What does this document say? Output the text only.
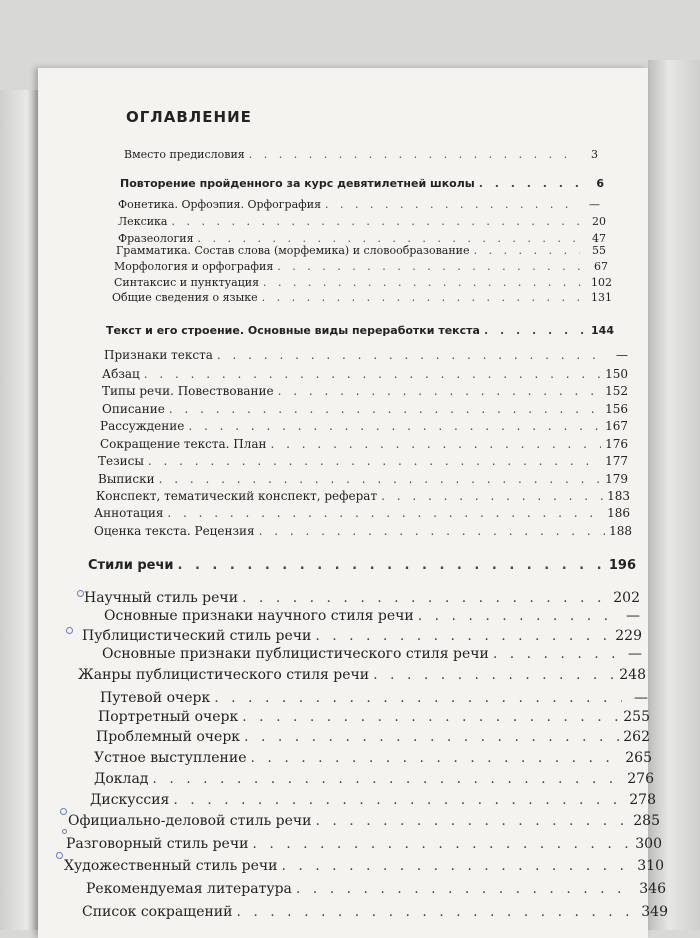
ОГЛАВЛЕНИЕ
Вместо предисловия . . .	3
Повторение пройденного за курс девятилетней школы . . .	6
Фонетика. Орфоэпия. Орфография . . .	—
Лексика . . .	20
Фразеология . . .	47
Грамматика. Состав слова (морфемика) и словообразование . . .	55
Морфология и орфография . . .	67
Синтаксис и пунктуация . . .	102
Общие сведения о языке . . .	131
Текст и его строение. Основные виды переработки текста . . .	144
Признаки текста . . .	—
Абзац . . .	150
Типы речи. Повествование . . .	152
Описание . . .	156
Рассуждение . . .	167
Сокращение текста. План . . .	176
Тезисы . . .	177
Выписки . . .	179
Конспект, тематический конспект, реферат . . .	183
Аннотация . . .	186
Оценка текста. Рецензия . . .	188
Стили речи . . .	196
Научный стиль речи . . .	202
Основные признаки научного стиля речи . . .	—
Публицистический стиль речи . . .	229
Основные признаки публицистического стиля речи . . .	—
Жанры публицистического стиля речи . . .	248
Путевой очерк . . .	—
Портретный очерк . . .	255
Проблемный очерк . . .	262
Устное выступление . . .	265
Доклад . . .	276
Дискуссия . . .	278
Официально-деловой стиль речи . . .	285
Разговорный стиль речи . . .	300
Художественный стиль речи . . .	310
Рекомендуемая литература . . .	346
Список сокращений . . .	349
